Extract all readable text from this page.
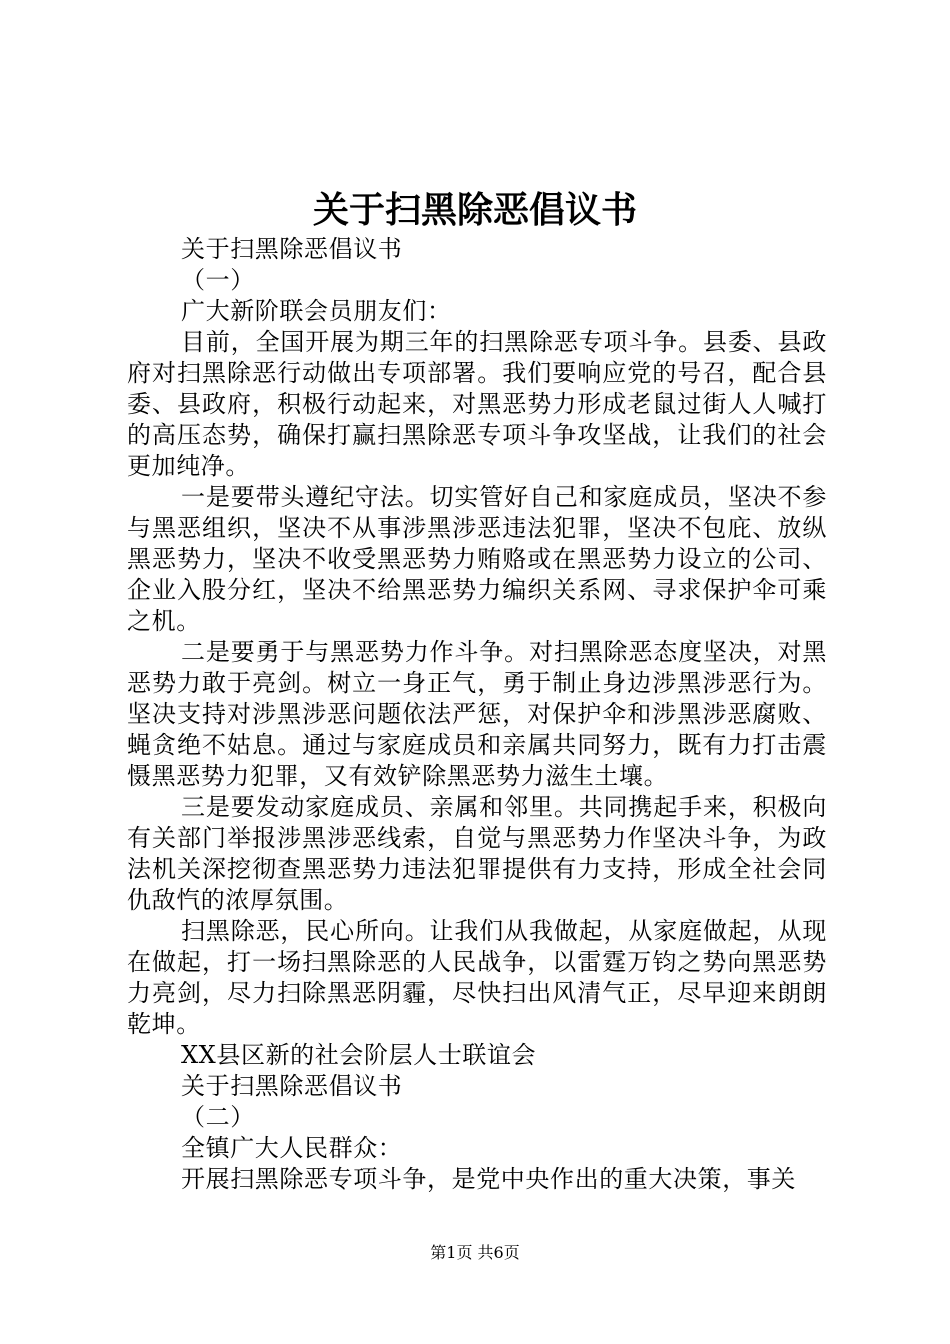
关于扫黑除恶倡议书

关于扫黑除恶倡议书

（一）

广大新阶联会员朋友们：

目前，全国开展为期三年的扫黑除恶专项斗争。县委、县政府对扫黑除恶行动做出专项部署。我们要响应党的号召，配合县委、县政府，积极行动起来，对黑恶势力形成老鼠过街人人喊打的高压态势，确保打赢扫黑除恶专项斗争攻坚战，让我们的社会更加纯净。

一是要带头遵纪守法。切实管好自己和家庭成员，坚决不参与黑恶组织，坚决不从事涉黑涉恶违法犯罪，坚决不包庇、放纵黑恶势力，坚决不收受黑恶势力贿赂或在黑恶势力设立的公司、企业入股分红，坚决不给黑恶势力编织关系网、寻求保护伞可乘之机。

二是要勇于与黑恶势力作斗争。对扫黑除恶态度坚决，对黑恶势力敢于亮剑。树立一身正气，勇于制止身边涉黑涉恶行为。坚决支持对涉黑涉恶问题依法严惩，对保护伞和涉黑涉恶腐败、蝇贪绝不姑息。通过与家庭成员和亲属共同努力，既有力打击震慑黑恶势力犯罪，又有效铲除黑恶势力滋生土壤。

三是要发动家庭成员、亲属和邻里。共同携起手来，积极向有关部门举报涉黑涉恶线索，自觉与黑恶势力作坚决斗争，为政法机关深挖彻查黑恶势力违法犯罪提供有力支持，形成全社会同仇敌忾的浓厚氛围。

扫黑除恶，民心所向。让我们从我做起，从家庭做起，从现在做起，打一场扫黑除恶的人民战争，以雷霆万钧之势向黑恶势力亮剑，尽力扫除黑恶阴霾，尽快扫出风清气正，尽早迎来朗朗乾坤。

XX县区新的社会阶层人士联谊会

关于扫黑除恶倡议书

（二）

全镇广大人民群众：

开展扫黑除恶专项斗争，是党中央作出的重大决策，事关

第1页 共6页
